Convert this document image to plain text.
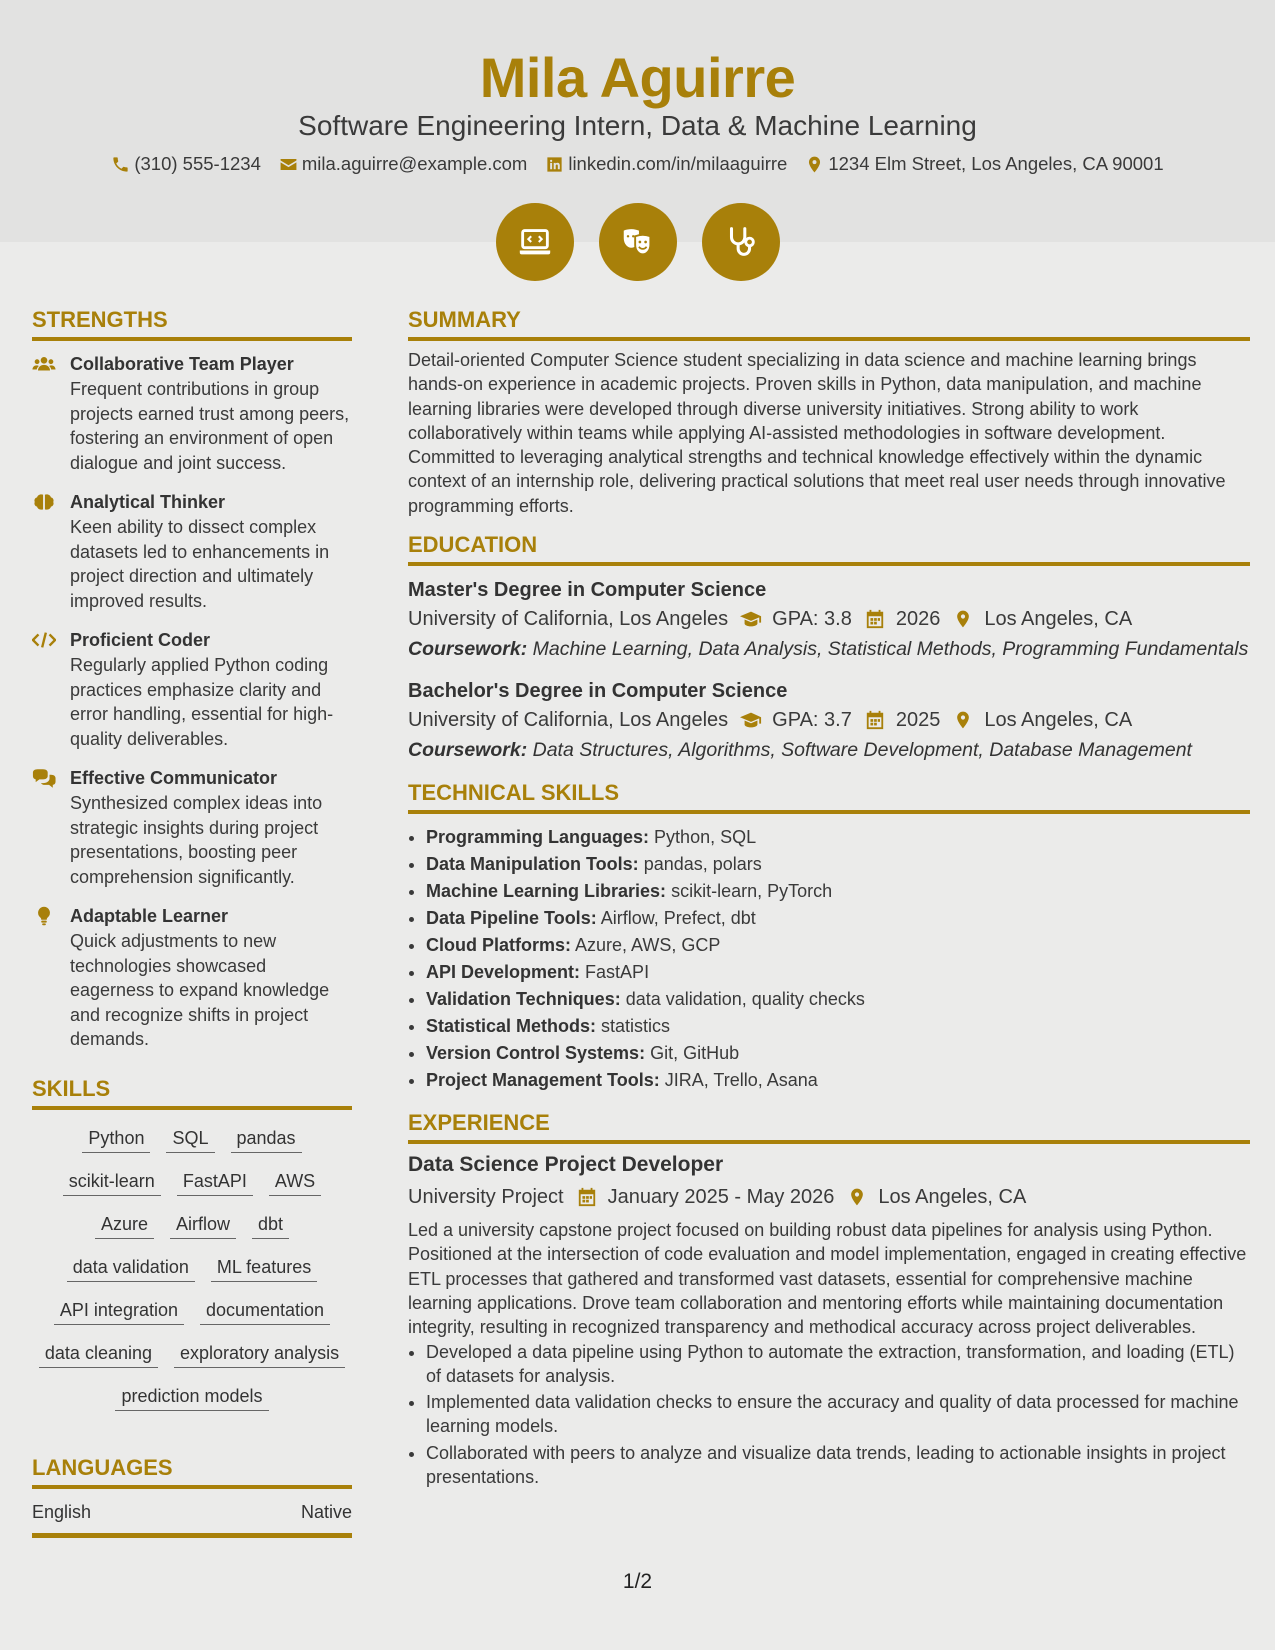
Mila Aguirre
Software Engineering Intern, Data & Machine Learning
(310) 555-1234 mila.aguirre@example.com linkedin.com/in/milaaguirre 1234 Elm Street, Los Angeles, CA 90001
STRENGTHS
Collaborative Team Player
Frequent contributions in group projects earned trust among peers, fostering an environment of open dialogue and joint success.
Analytical Thinker
Keen ability to dissect complex datasets led to enhancements in project direction and ultimately improved results.
Proficient Coder
Regularly applied Python coding practices emphasize clarity and error handling, essential for high-quality deliverables.
Effective Communicator
Synthesized complex ideas into strategic insights during project presentations, boosting peer comprehension significantly.
Adaptable Learner
Quick adjustments to new technologies showcased eagerness to expand knowledge and recognize shifts in project demands.
SKILLS
Python	SQL	pandas
scikit-learn	FastAPI	AWS
Azure	Airflow	dbt
data validation	ML features
API integration	documentation
data cleaning	exploratory analysis
prediction models
LANGUAGES
English	Native
SUMMARY
Detail-oriented Computer Science student specializing in data science and machine learning brings hands-on experience in academic projects. Proven skills in Python, data manipulation, and machine learning libraries were developed through diverse university initiatives. Strong ability to work collaboratively within teams while applying AI-assisted methodologies in software development. Committed to leveraging analytical strengths and technical knowledge effectively within the dynamic context of an internship role, delivering practical solutions that meet real user needs through innovative programming efforts.
EDUCATION
Master's Degree in Computer Science
University of California, Los Angeles GPA: 3.8 2026 Los Angeles, CA
Coursework: Machine Learning, Data Analysis, Statistical Methods, Programming Fundamentals
Bachelor's Degree in Computer Science
University of California, Los Angeles GPA: 3.7 2025 Los Angeles, CA
Coursework: Data Structures, Algorithms, Software Development, Database Management
TECHNICAL SKILLS
• Programming Languages: Python, SQL
• Data Manipulation Tools: pandas, polars
• Machine Learning Libraries: scikit-learn, PyTorch
• Data Pipeline Tools: Airflow, Prefect, dbt
• Cloud Platforms: Azure, AWS, GCP
• API Development: FastAPI
• Validation Techniques: data validation, quality checks
• Statistical Methods: statistics
• Version Control Systems: Git, GitHub
• Project Management Tools: JIRA, Trello, Asana
EXPERIENCE
Data Science Project Developer
University Project January 2025 - May 2026 Los Angeles, CA
Led a university capstone project focused on building robust data pipelines for analysis using Python. Positioned at the intersection of code evaluation and model implementation, engaged in creating effective ETL processes that gathered and transformed vast datasets, essential for comprehensive machine learning applications. Drove team collaboration and mentoring efforts while maintaining documentation integrity, resulting in recognized transparency and methodical accuracy across project deliverables.
• Developed a data pipeline using Python to automate the extraction, transformation, and loading (ETL) of datasets for analysis.
• Implemented data validation checks to ensure the accuracy and quality of data processed for machine learning models.
• Collaborated with peers to analyze and visualize data trends, leading to actionable insights in project presentations.
1/2
